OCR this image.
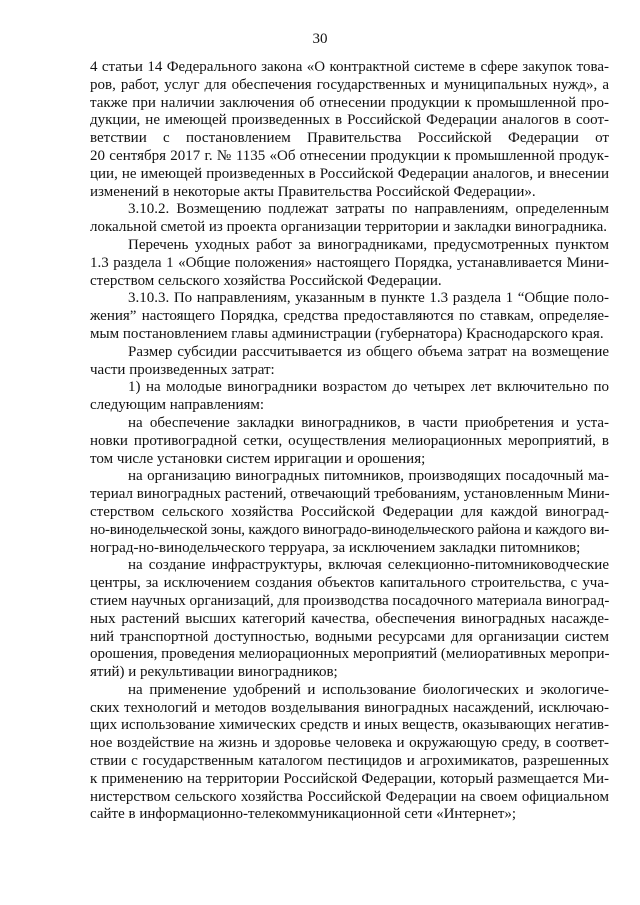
30
4 статьи 14 Федерального закона «О контрактной системе в сфере закупок това-
ров, работ, услуг для обеспечения государственных и муниципальных нужд», а
также при наличии заключения об отнесении продукции к промышленной про-
дукции, не имеющей произведенных в Российской Федерации аналогов в соот-
ветствии с постановлением Правительства Российской Федерации от
20 сентября 2017 г. № 1135 «Об отнесении продукции к промышленной продук-
ции, не имеющей произведенных в Российской Федерации аналогов, и внесении
изменений в некоторые акты Правительства Российской Федерации».
3.10.2. Возмещению подлежат затраты по направлениям, определенным
локальной сметой из проекта организации территории и закладки виноградника.
Перечень уходных работ за виноградниками, предусмотренных пунктом
1.3 раздела 1 «Общие положения» настоящего Порядка, устанавливается Мини-
стерством сельского хозяйства Российской Федерации.
3.10.3. По направлениям, указанным в пункте 1.3 раздела 1 “Общие поло-
жения” настоящего Порядка, средства предоставляются по ставкам, определяе-
мым постановлением главы администрации (губернатора) Краснодарского края.
Размер субсидии рассчитывается из общего объема затрат на возмещение
части произведенных затрат:
1) на молодые виноградники возрастом до четырех лет включительно по
следующим направлениям:
на обеспечение закладки виноградников, в части приобретения и уста-
новки противоградной сетки, осуществления мелиорационных мероприятий, в
том числе установки систем ирригации и орошения;
на организацию виноградных питомников, производящих посадочный ма-
териал виноградных растений, отвечающий требованиям, установленным Мини-
стерством сельского хозяйства Российской Федерации для каждой виноград-
но-винодельческой зоны, каждого виноградо-винодельческого района и каждого ви-
ноград-но-винодельческого терруара, за исключением закладки питомников;
на создание инфраструктуры, включая селекционно-питомниководческие
центры, за исключением создания объектов капитального строительства, с уча-
стием научных организаций, для производства посадочного материала виноград-
ных растений высших категорий качества, обеспечения виноградных насажде-
ний транспортной доступностью, водными ресурсами для организации систем
орошения, проведения мелиорационных мероприятий (мелиоративных меропри-
ятий) и рекультивации виноградников;
на применение удобрений и использование биологических и экологиче-
ских технологий и методов возделывания виноградных насаждений, исключаю-
щих использование химических средств и иных веществ, оказывающих негатив-
ное воздействие на жизнь и здоровье человека и окружающую среду, в соответ-
ствии с государственным каталогом пестицидов и агрохимикатов, разрешенных
к применению на территории Российской Федерации, который размещается Ми-
нистерством сельского хозяйства Российской Федерации на своем официальном
сайте в информационно-телекоммуникационной сети «Интернет»;
